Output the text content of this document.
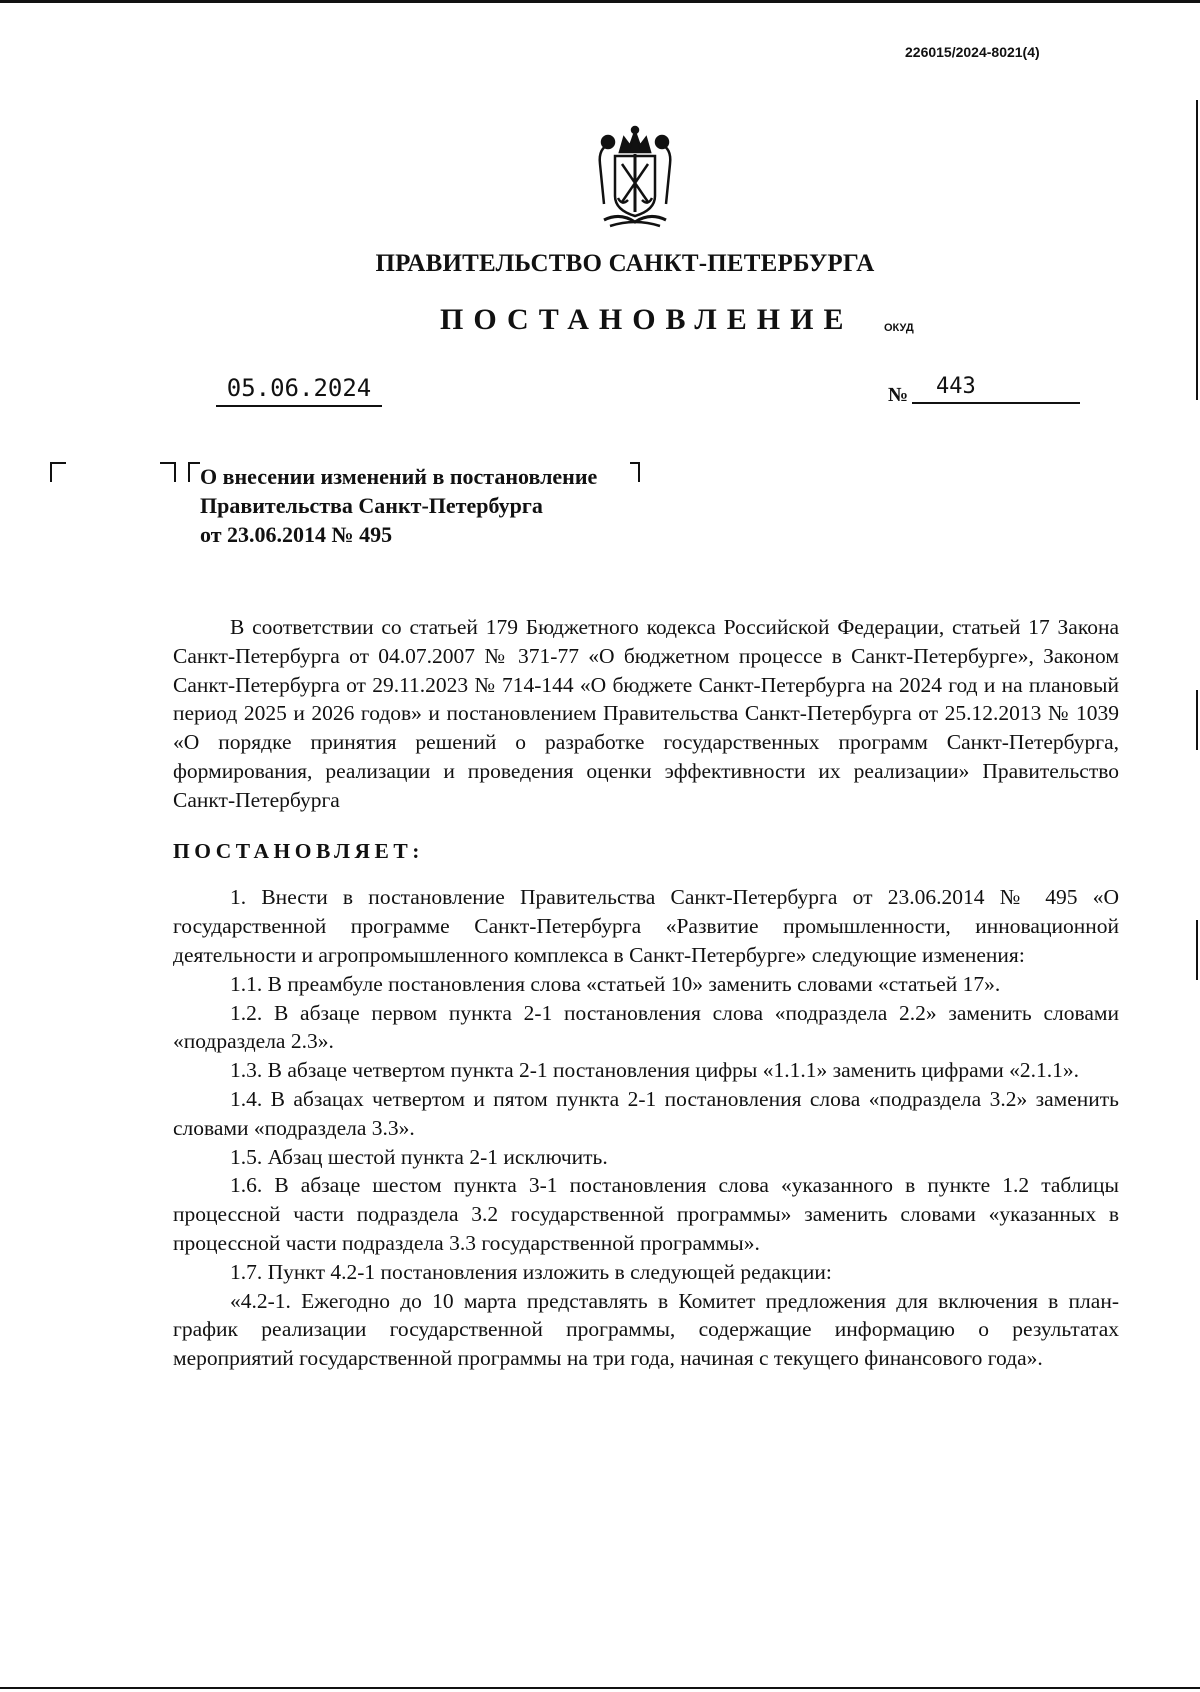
226015/2024-8021(4)
ПРАВИТЕЛЬСТВО САНКТ-ПЕТЕРБУРГА
ПОСТАНОВЛЕНИЕ	ОКУД
05.06.2024	№	443
О внесении изменений в постановление
Правительства Санкт-Петербурга
от 23.06.2014 № 495

В соответствии со статьей 179 Бюджетного кодекса Российской Федерации, статьей 17 Закона Санкт-Петербурга от 04.07.2007 № 371-77 «О бюджетном процессе в Санкт-Петербурге», Законом Санкт-Петербурга от 29.11.2023 № 714-144 «О бюджете Санкт-Петербурга на 2024 год и на плановый период 2025 и 2026 годов» и постановлением Правительства Санкт-Петербурга от 25.12.2013 № 1039 «О порядке принятия решений о разработке государственных программ Санкт-Петербурга, формирования, реализации и проведения оценки эффективности их реализации» Правительство Санкт-Петербурга

ПОСТАНОВЛЯЕТ:

1. Внести в постановление Правительства Санкт-Петербурга от 23.06.2014 № 495 «О государственной программе Санкт-Петербурга «Развитие промышленности, инновационной деятельности и агропромышленного комплекса в Санкт-Петербурге» следующие изменения:

1.1. В преамбуле постановления слова «статьей 10» заменить словами «статьей 17».

1.2. В абзаце первом пункта 2-1 постановления слова «подраздела 2.2» заменить словами «подраздела 2.3».

1.3. В абзаце четвертом пункта 2-1 постановления цифры «1.1.1» заменить цифрами «2.1.1».

1.4. В абзацах четвертом и пятом пункта 2-1 постановления слова «подраздела 3.2» заменить словами «подраздела 3.3».

1.5. Абзац шестой пункта 2-1 исключить.

1.6. В абзаце шестом пункта 3-1 постановления слова «указанного в пункте 1.2 таблицы процессной части подраздела 3.2 государственной программы» заменить словами «указанных в процессной части подраздела 3.3 государственной программы».

1.7. Пункт 4.2-1 постановления изложить в следующей редакции:

«4.2-1. Ежегодно до 10 марта представлять в Комитет предложения для включения в план-график реализации государственной программы, содержащие информацию о результатах мероприятий государственной программы на три года, начиная с текущего финансового года».
